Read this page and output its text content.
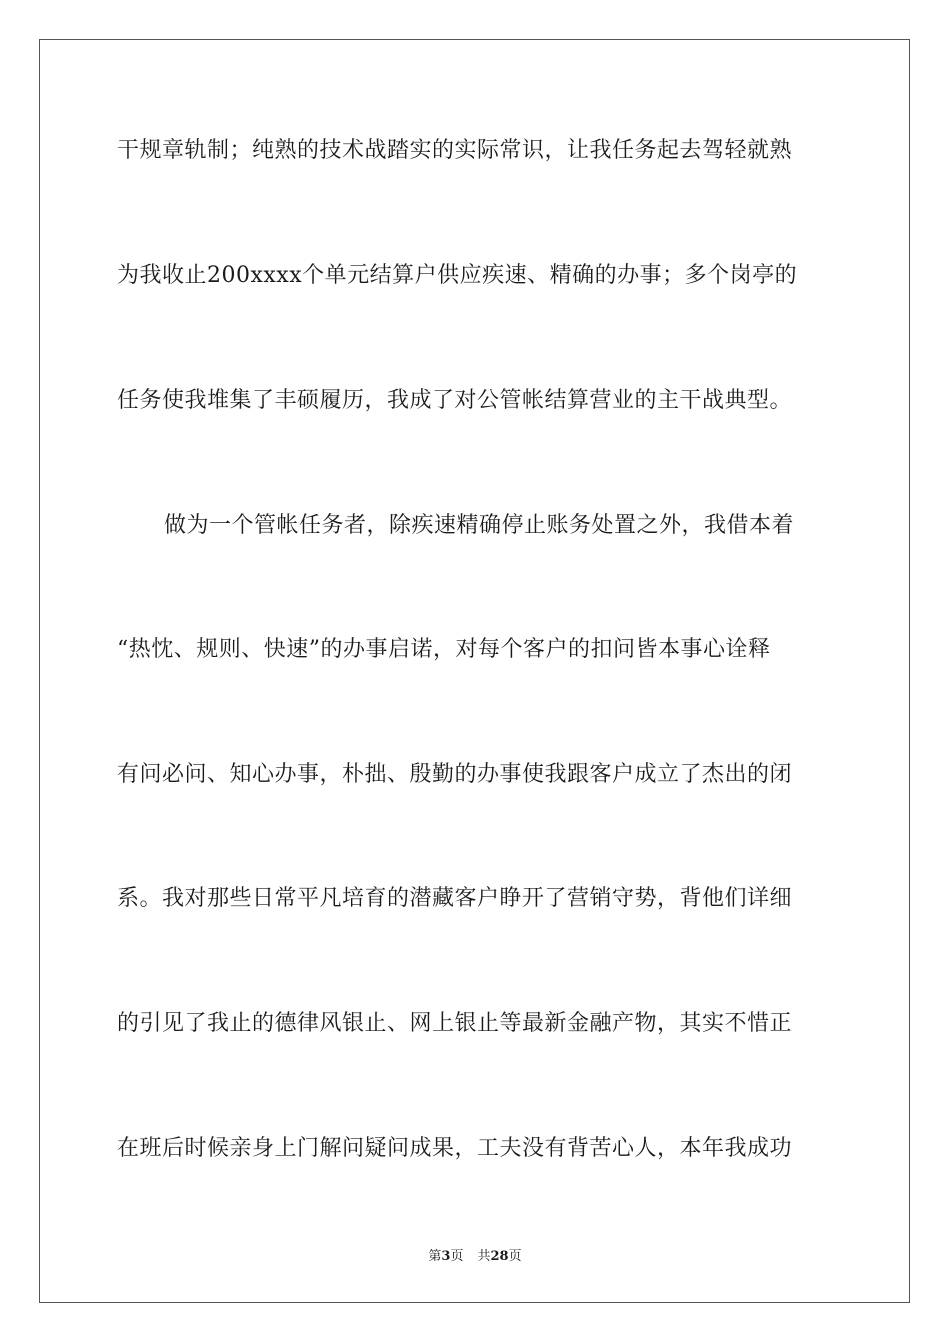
干规章轨制；纯熟的技术战踏实的实际常识，让我任务起去驾轻就熟
为我收止200xxxx个单元结算户供应疾速、精确的办事；多个岗亭的
任务使我堆集了丰硕履历，我成了对公管帐结算营业的主干战典型。
做为一个管帐任务者，除疾速精确停止账务处置之外，我借本着
“热忱、规则、快速”的办事启诺，对每个客户的扣问皆本事心诠释
有问必问、知心办事，朴拙、殷勤的办事使我跟客户成立了杰出的闭
系。我对那些日常平凡培育的潜藏客户睁开了营销守势，背他们详细
的引见了我止的德律风银止、网上银止等最新金融产物，其实不惜正
在班后时候亲身上门解问疑问成果，工夫没有背苦心人，本年我成功
第3页 共28页
